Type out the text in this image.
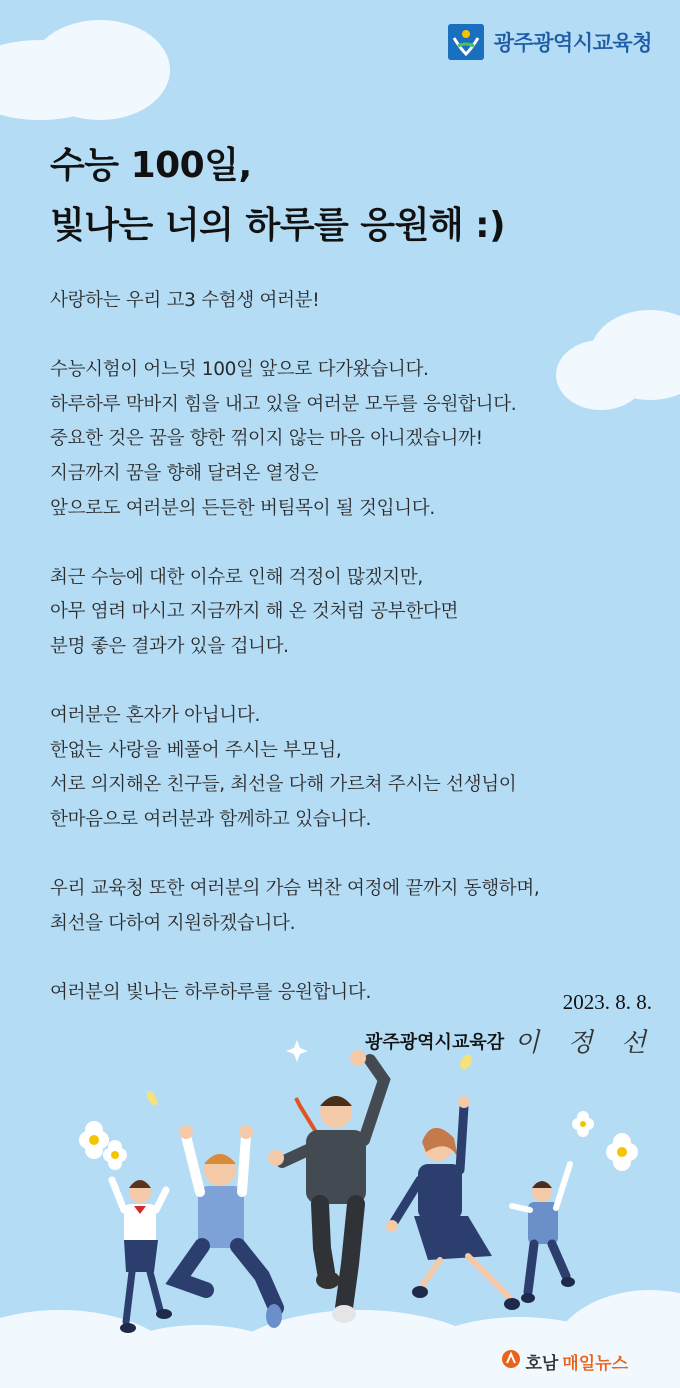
광주광역시교육청
수능 100일,
빛나는 너의 하루를 응원해 :)

사랑하는 우리 고3 수험생 여러분!

수능시험이 어느덧 100일 앞으로 다가왔습니다.

하루하루 막바지 힘을 내고 있을 여러분 모두를 응원합니다.

중요한 것은 꿈을 향한 꺾이지 않는 마음 아니겠습니까!

지금까지 꿈을 향해 달려온 열정은

앞으로도 여러분의 든든한 버팀목이 될 것입니다.

최근 수능에 대한 이슈로 인해 걱정이 많겠지만,

아무 염려 마시고 지금까지 해 온 것처럼 공부한다면

분명 좋은 결과가 있을 겁니다.

여러분은 혼자가 아닙니다.

한없는 사랑을 베풀어 주시는 부모님,

서로 의지해온 친구들, 최선을 다해 가르쳐 주시는 선생님이

한마음으로 여러분과 함께하고 있습니다.

우리 교육청 또한 여러분의 가슴 벅찬 여정에 끝까지 동행하며,

최선을 다하여 지원하겠습니다.

여러분의 빛나는 하루하루를 응원합니다.	2023. 8. 8.
광주광역시교육감 이 정 선
호남 매일뉴스
